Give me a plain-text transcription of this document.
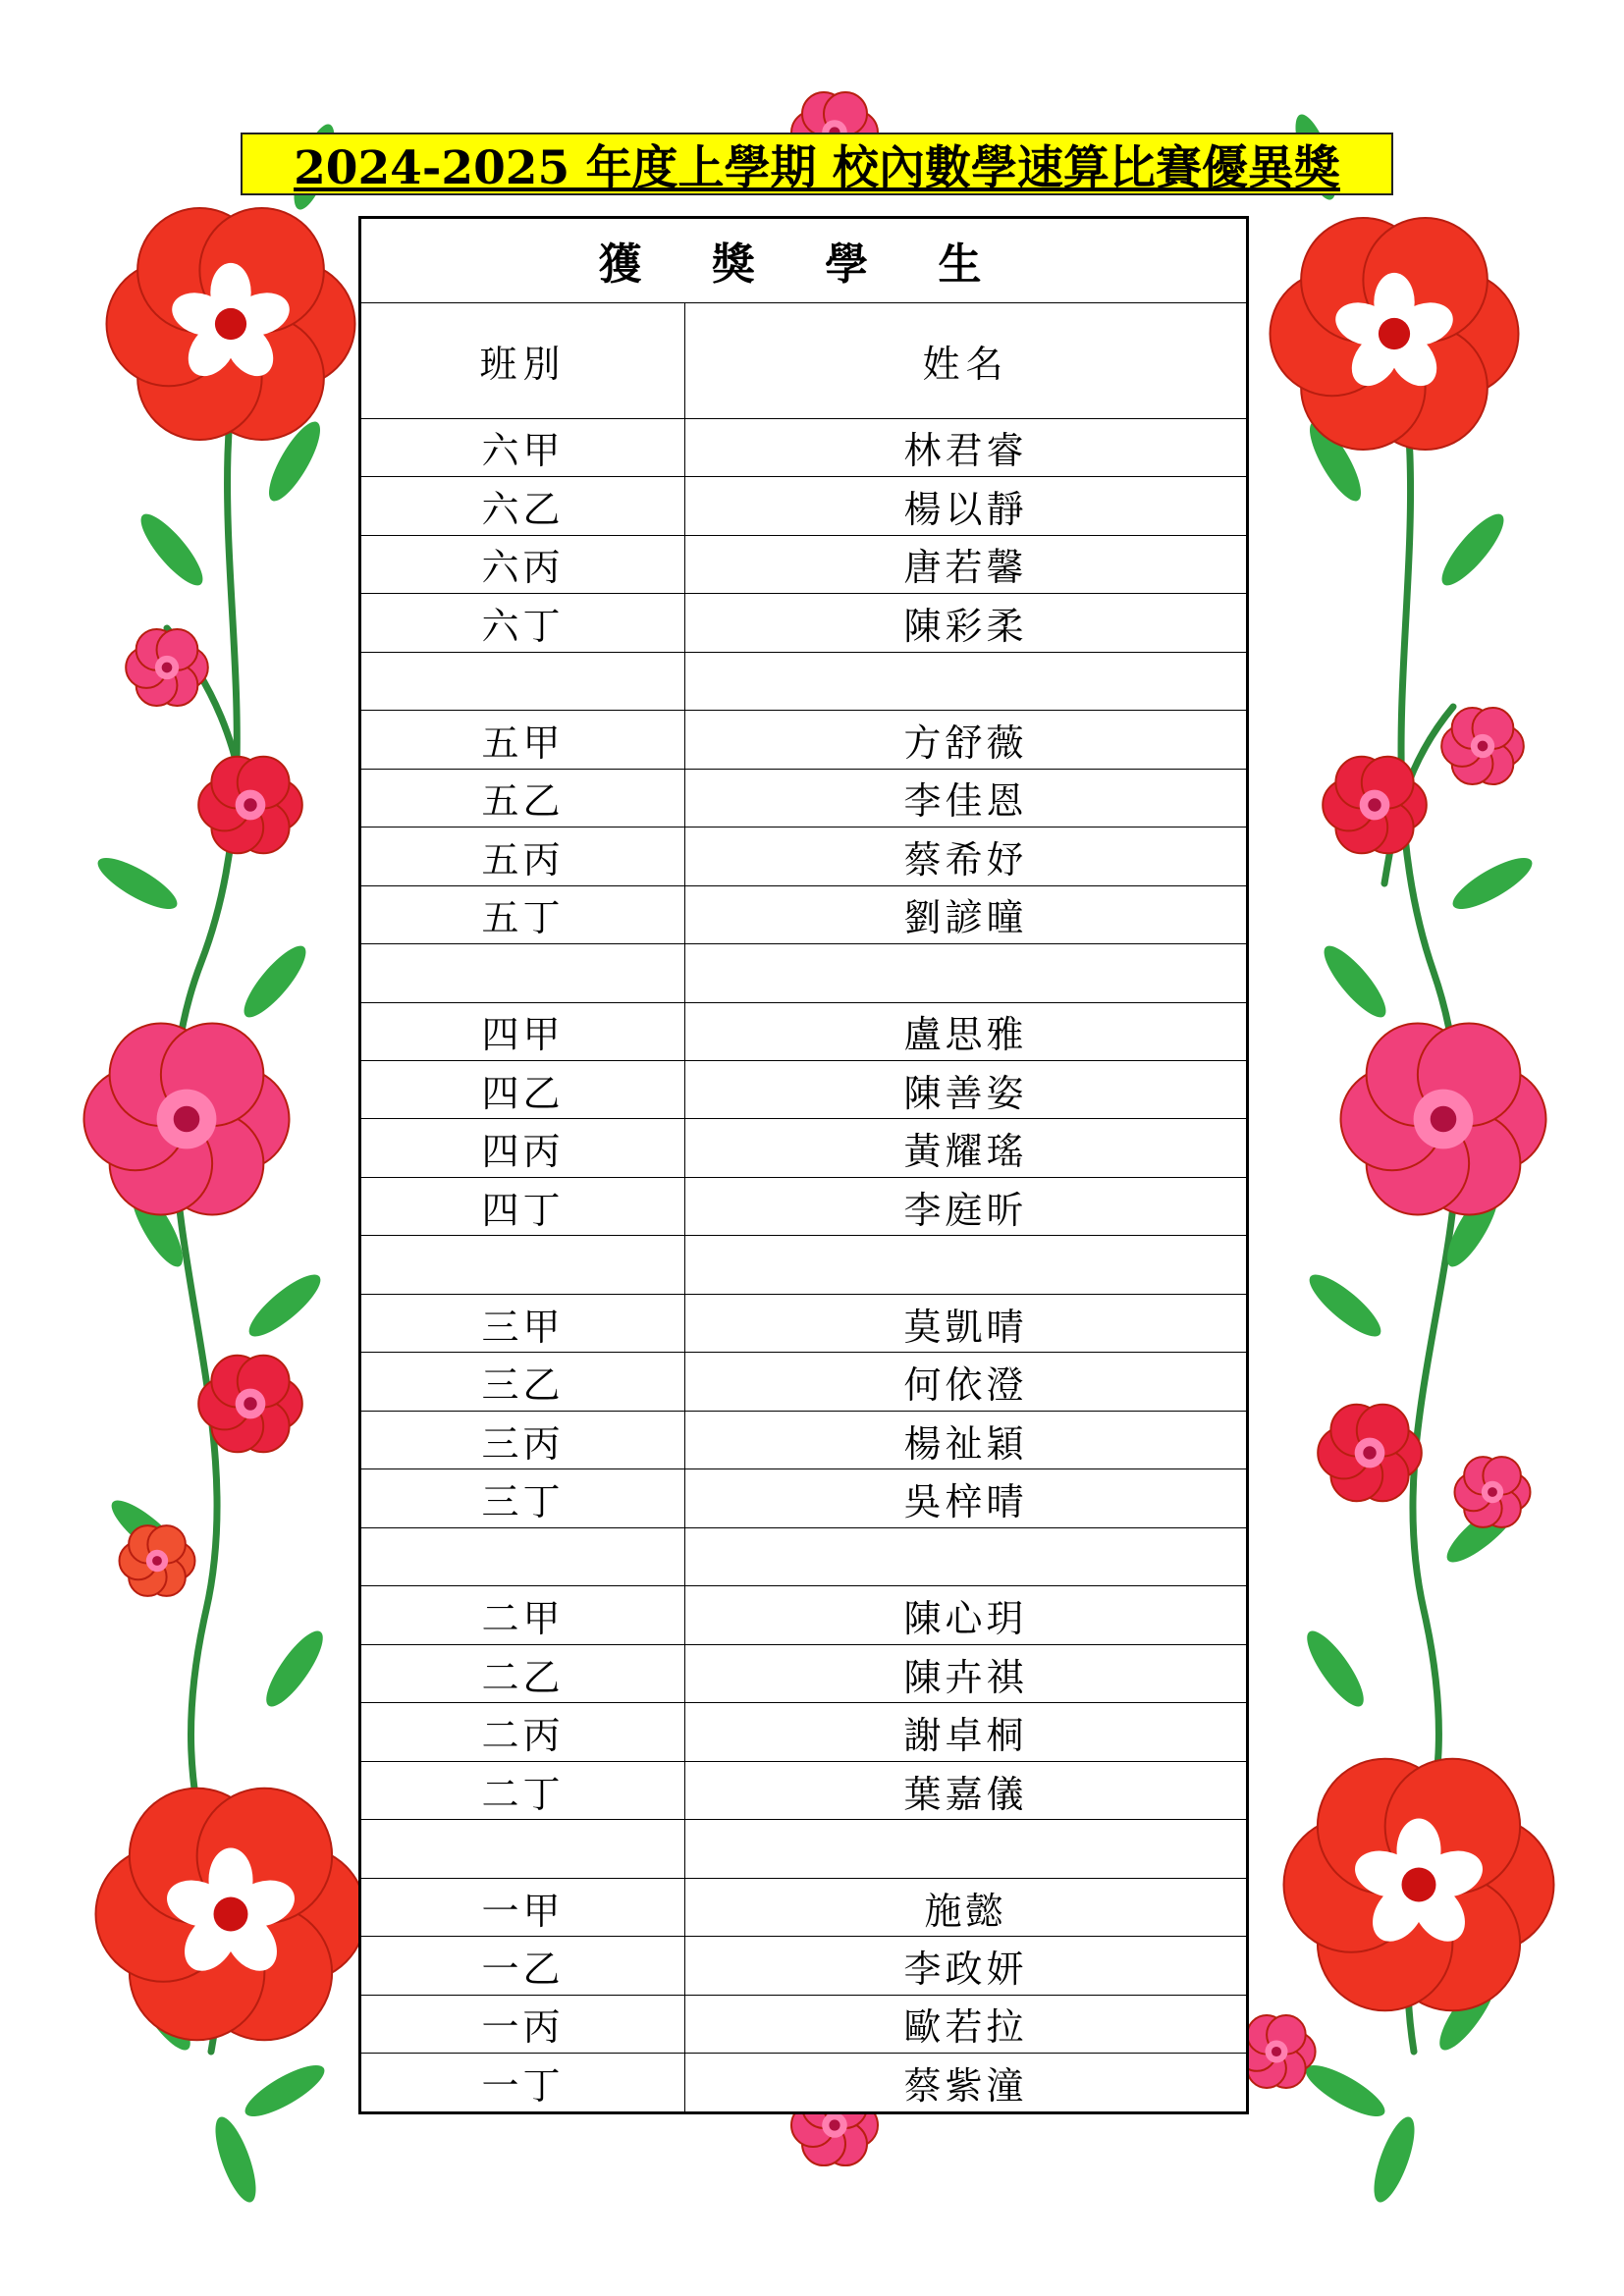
2024-2025 年度上學期 校內數學速算比賽優異獎
獲 獎 學 生	
班別	姓名
六甲	林君睿
六乙	楊以靜
六丙	唐若馨
六丁	陳彩柔

五甲	方舒薇
五乙	李佳恩
五丙	蔡希妤
五丁	劉諺曈

四甲	盧思雅
四乙	陳善姿
四丙	黃耀瑤
四丁	李庭昕

三甲	莫凱晴
三乙	何依澄
三丙	楊祉穎
三丁	吳梓晴

二甲	陳心玥
二乙	陳卉祺
二丙	謝卓桐
二丁	葉嘉儀

一甲	施懿
一乙	李政妍
一丙	歐若拉
一丁	蔡紫潼
